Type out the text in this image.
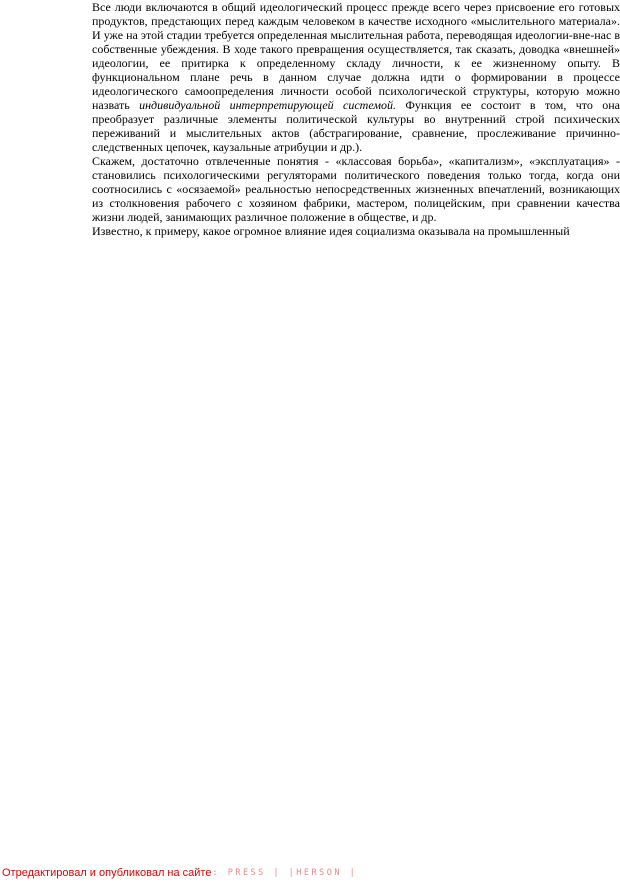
Все люди включаются в общий идеологический процесс прежде всего через присвоение его готовых продуктов, предстающих перед каждым человеком в качестве исходного «мыслительного материала». И уже на этой стадии требуется определенная мыслительная работа, переводящая идеологии-вне-нас в собственные убеждения. В ходе такого превращения осуществляется, так сказать, доводка «внешней» идеологии, ее притирка к определенному складу личности, к ее жизненному опыту. В функциональном плане речь в данном случае должна идти о формировании в процессе идеологического самоопределения личности особой психологической структуры, которую можно назвать индивидуальной интерпретирующей системой. Функция ее состоит в том, что она преобразует различные элементы политической культуры во внутренний строй психических переживаний и мыслительных актов (абстрагирование, сравнение, прослеживание причинно-следственных цепочек, каузальные атрибуции и др.).

Скажем, достаточно отвлеченные понятия - «классовая борьба», «капитализм», «эксплуатация» - становились психологическими регуляторами политического поведения только тогда, когда они соотносились с «осязаемой» реальностью непосредственных жизненных впечатлений, возникающих из столкновения рабочего с хозяином фабрики, мастером, полицейским, при сравнении качества жизни людей, занимающих различное положение в обществе, и др.

Известно, к примеру, какое огромное влияние идея социализма оказывала на промышленный

Отредактировал и опубликовал на сайте: PRESS | |HERSON |
